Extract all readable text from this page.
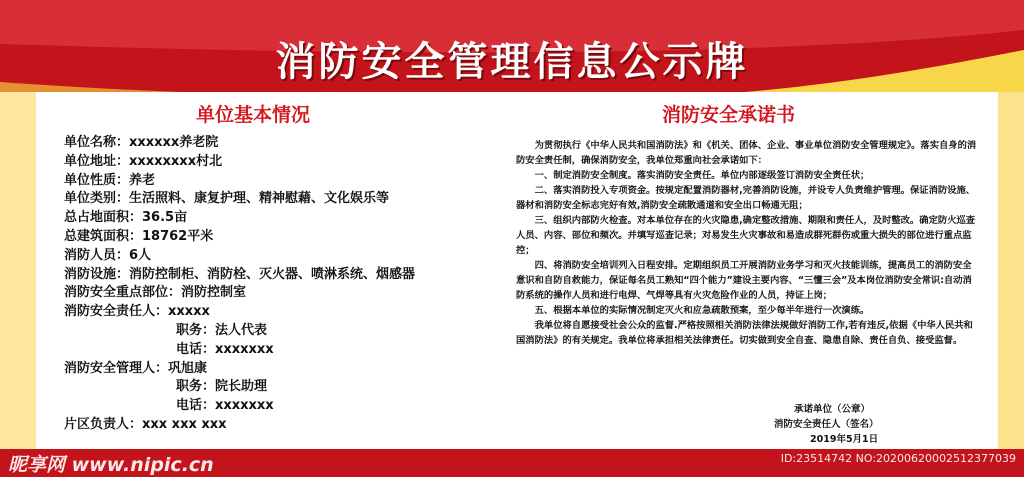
消防安全管理信息公示牌
单位基本情况
单位名称：xxxxxx养老院
单位地址：xxxxxxxx村北
单位性质：养老
单位类别：生活照料、康复护理、精神慰藉、文化娱乐等
总占地面积：36.5亩
总建筑面积：18762平米
消防人员：6人
消防设施：消防控制柜、消防栓、灭火器、喷淋系统、烟感器
消防安全重点部位：消防控制室
消防安全责任人：xxxxx
职务：法人代表
电话：xxxxxxx
消防安全管理人：巩旭康
职务：院长助理
电话：xxxxxxx
片区负责人：xxx xxx xxx
消防安全承诺书

为贯彻执行《中华人民共和国消防法》和《机关、团体、企业、事业单位消防安全管理规定》。落实自身的消防安全责任制，确保消防安全，我单位郑重向社会承诺如下：

一、制定消防安全制度。落实消防安全责任。单位内部逐级签订消防安全责任状；

二、落实消防投入专项资金。按规定配置消防器材,完善消防设施，并设专人负责维护管理。保证消防设施、器材和消防安全标志完好有效,消防安全疏散通道和安全出口畅通无阻；

三、组织内部防火检查。对本单位存在的火灾隐患,确定整改措施、期限和责任人，及时整改。确定防火巡查人员、内容、部位和频次。并填写巡查记录；对易发生火灾事故和易造成群死群伤或重大损失的部位进行重点监控；

四、将消防安全培训列入日程安排。定期组织员工开展消防业务学习和灭火技能训练，提高员工的消防安全意识和自防自救能力，保证每名员工熟知“四个能力”建设主要内容、“三懂三会”及本岗位消防安全常识:自动消防系统的操作人员和进行电焊、气焊等具有火灾危险作业的人员，持证上岗；

五、根据本单位的实际情况制定灭火和应急疏散预案，至少每半年进行一次演练。

我单位将自愿接受社会公众的监督.严格按照相关消防法律法规做好消防工作,若有违反,依据《中华人民共和国消防法》的有关规定。我单位将承担相关法律责任。切实做到安全自查、隐患自除、责任自负、接受监督。

承诺单位（公章）
消防安全责任人（签名）
2019年5月1日
昵享网 www.nipic.cn	ID:23514742 NO:20200620002512377039
